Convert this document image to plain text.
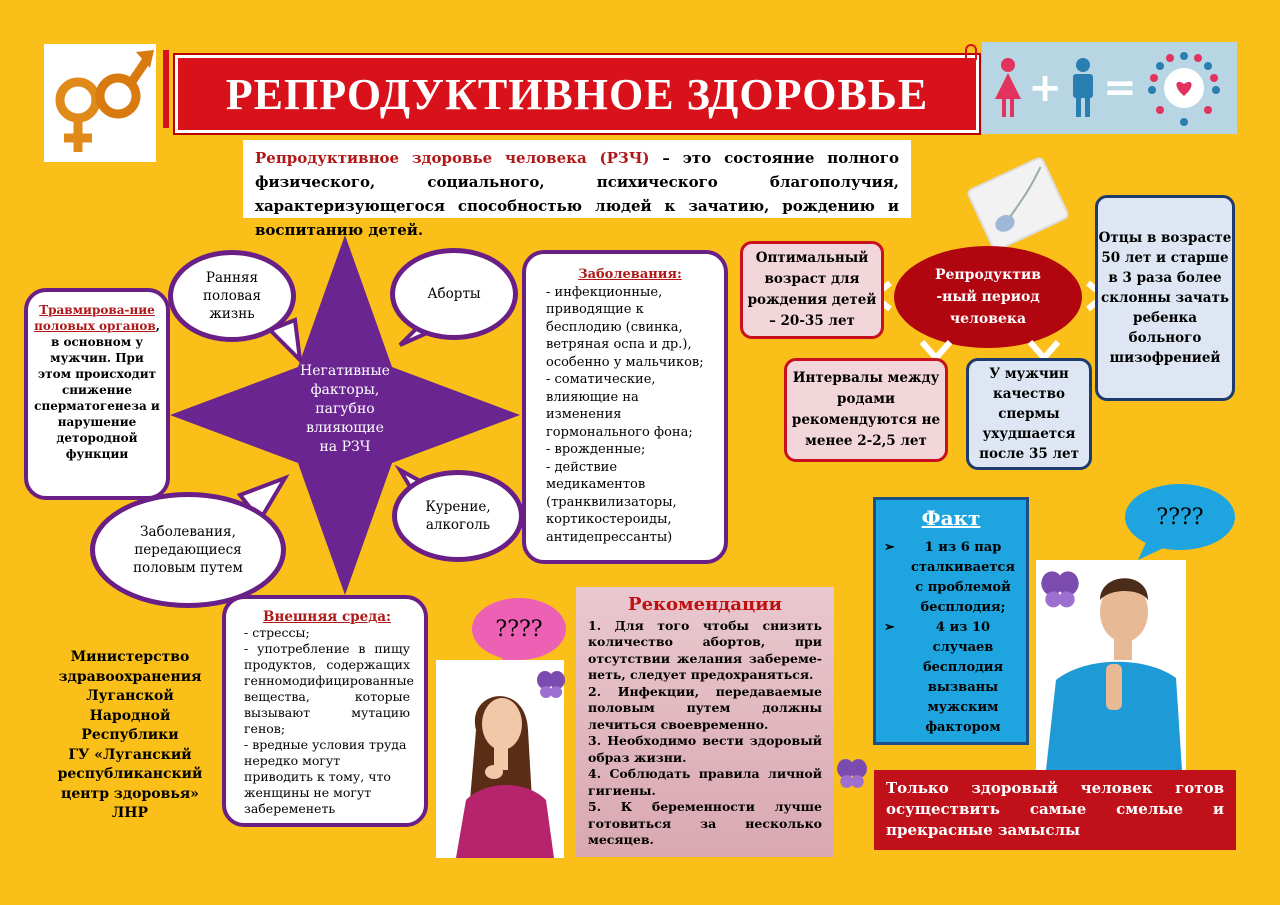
РЕПРОДУКТИВНОЕ ЗДОРОВЬЕ	+ =
Репродуктивное здоровье человека (РЗЧ) – это состояние полного физического, социального, психического благополучия, характеризующегося способностью людей к зачатию, рождению и воспитанию детей.
Негативные
факторы,
пагубно
влияющие
на РЗЧ
Ранняя половая жизнь
Аборты
Заболевания, передающиеся половым путем
Курение, алкоголь
Травмирова-ние половых органов, в основном у мужчин. При этом происходит снижение сперматогенеза и нарушение детородной функции
Заболевания:
- инфекционные, приводящие к бесплодию (свинка, ветряная оспа и др.), особенно у мальчиков;
- соматические, влияющие на изменения гормонального фона;
- врожденные;
- действие медикаментов (транквилизаторы, кортикостероиды, антидепрессанты)
Внешняя среда:
- стрессы;
- употребление в пищу продуктов, содержащих генномодифицированные вещества, которые вызывают мутацию генов;
- вредные условия труда нередко могут приводить к тому, что женщины не могут забеременеть
Министерство
здравоохранения
Луганской
Народной
Республики
ГУ «Луганский
республиканский
центр здоровья»
ЛНР
????
Рекомендации
1. Для того чтобы снизить количество абортов, при отсутствии желания забереме-неть, следует предохраняться.
2. Инфекции, передаваемые половым путем должны лечиться своевременно.
3. Необходимо вести здоровый образ жизни.
4. Соблюдать правила личной гигиены.
5. К беременности лучше готовиться за несколько месяцев.
Репродуктив -ный период человека
Оптимальный возраст для рождения детей – 20-35 лет
Отцы в возрасте 50 лет и старше в 3 раза более склонны зачать ребенка больного шизофренией
Интервалы между родами рекомендуются не менее 2-2,5 лет
У мужчин качество спермы ухудшается после 35 лет
Факт
➢	1 из 6 пар сталкивается с проблемой бесплодия;
➢	4 из 10 случаев бесплодия вызваны мужским фактором
????
Только здоровый человек готов осуществить самые смелые и прекрасные замыслы
